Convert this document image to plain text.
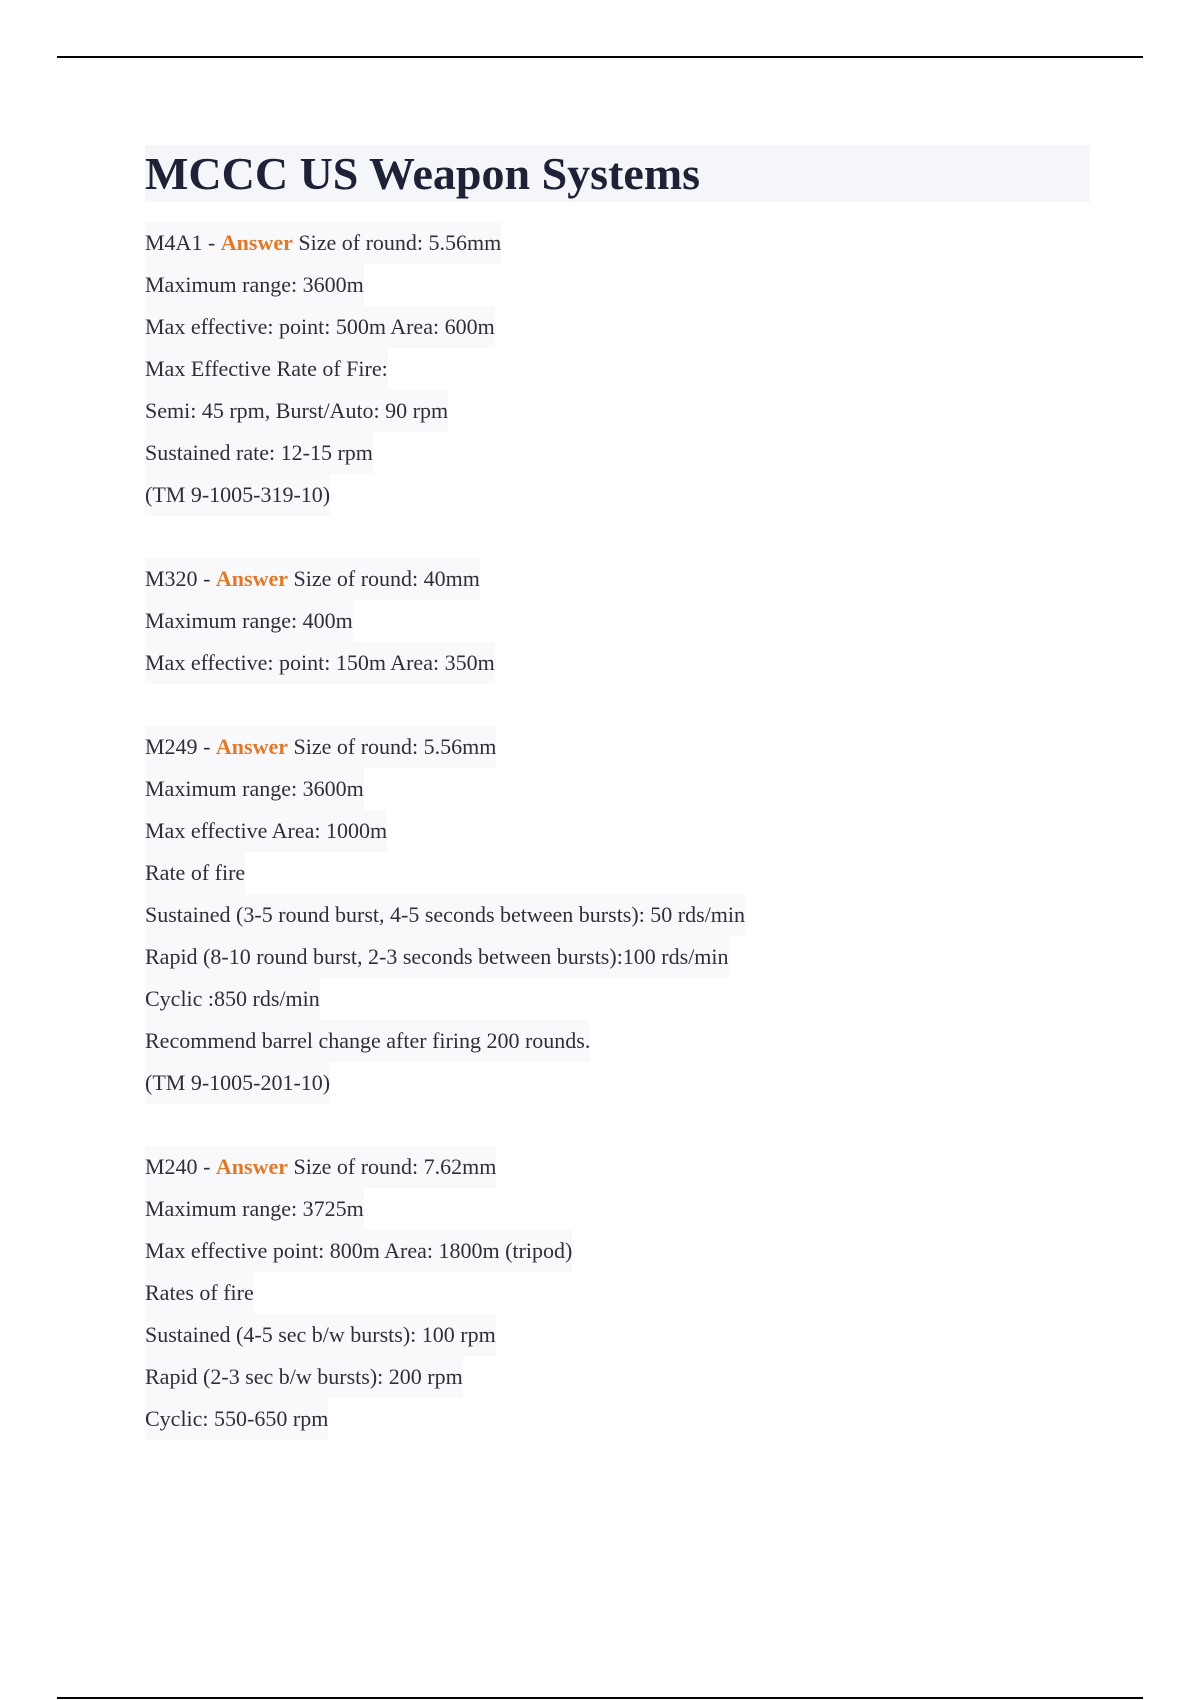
MCCC US Weapon Systems
M4A1 - Answer Size of round: 5.56mm
Maximum range: 3600m
Max effective: point: 500m Area: 600m
Max Effective Rate of Fire:
Semi: 45 rpm, Burst/Auto: 90 rpm
Sustained rate: 12-15 rpm
(TM 9-1005-319-10)
M320 - Answer Size of round: 40mm
Maximum range: 400m
Max effective: point: 150m Area: 350m
M249 - Answer Size of round: 5.56mm
Maximum range: 3600m
Max effective Area: 1000m
Rate of fire
Sustained (3-5 round burst, 4-5 seconds between bursts): 50 rds/min
Rapid (8-10 round burst, 2-3 seconds between bursts):100 rds/min
Cyclic :850 rds/min
Recommend barrel change after firing 200 rounds.
(TM 9-1005-201-10)
M240 - Answer Size of round: 7.62mm
Maximum range: 3725m
Max effective point: 800m Area: 1800m (tripod)
Rates of fire
Sustained (4-5 sec b/w bursts): 100 rpm
Rapid (2-3 sec b/w bursts): 200 rpm
Cyclic: 550-650 rpm
